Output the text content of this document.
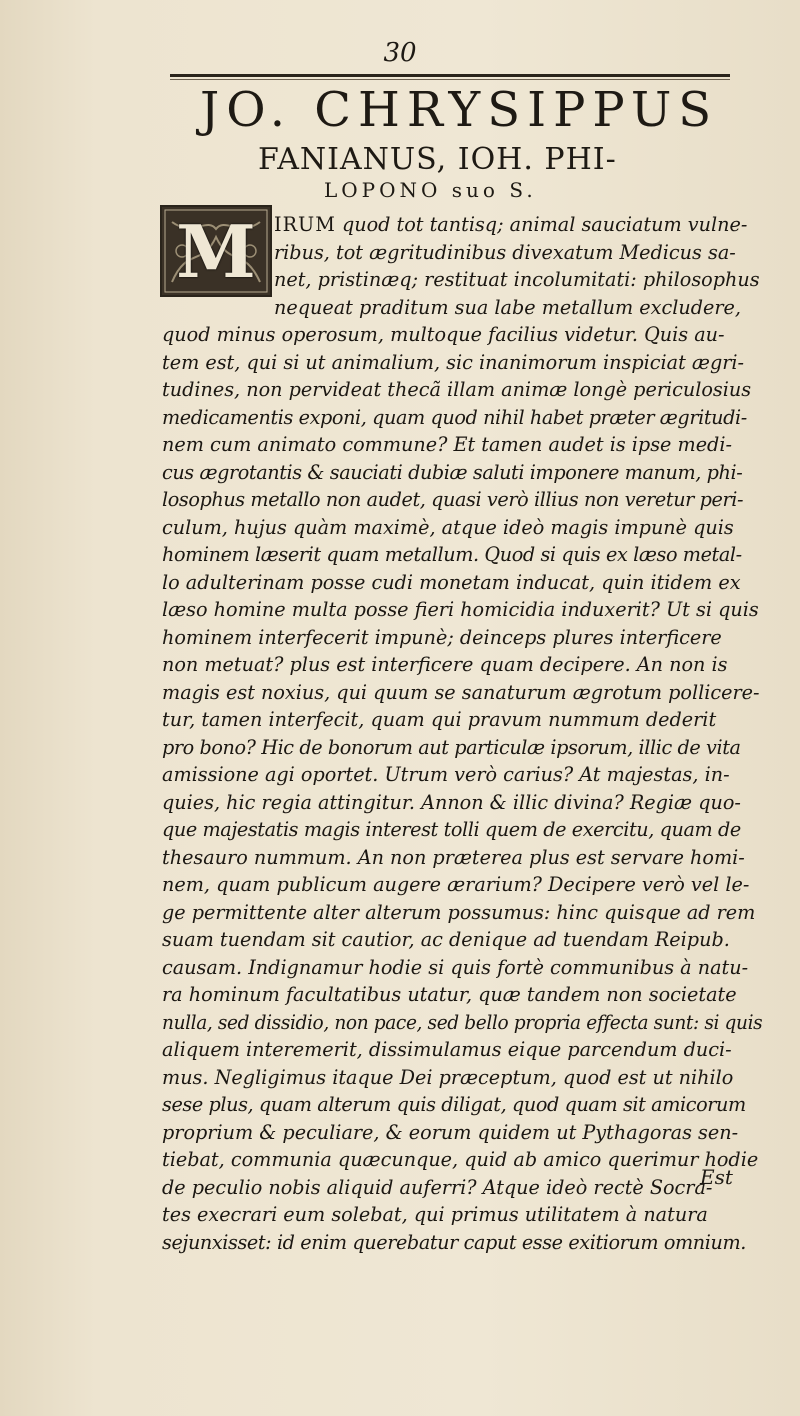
30
JO. CHRYSIPPUS
FANIANUS, IOH. PHI-
LOPONO suo S.
M IRUM quod tot tantisq; animal sauciatum vulne-
ribus, tot ægritudinibus divexatum Medicus sa-
net, pristinæq; restituat incolumitati: philosophus
nequeat praditum sua labe metallum excludere,
quod minus operosum, multoque facilius videtur. Quis au-
tem est, qui si ut animalium, sic inanimorum inspiciat ægri-
tudines, non pervideat thecã illam animæ longè periculosius
medicamentis exponi, quam quod nihil habet præter ægritudi-
nem cum animato commune? Et tamen audet is ipse medi-
cus ægrotantis & sauciati dubiæ saluti imponere manum, phi-
losophus metallo non audet, quasi verò illius non veretur peri-
culum, hujus quàm maximè, atque ideò magis impunè quis
hominem læserit quam metallum. Quod si quis ex læso metal-
lo adulterinam posse cudi monetam inducat, quin itidem ex
læso homine multa posse fieri homicidia induxerit? Ut si quis
hominem interfecerit impunè; deinceps plures interficere
non metuat? plus est interficere quam decipere. An non is
magis est noxius, qui quum se sanaturum ægrotum pollicere-
tur, tamen interfecit, quam qui pravum nummum dederit
pro bono? Hic de bonorum aut particulæ ipsorum, illic de vita
amissione agi oportet. Utrum verò carius? At majestas, in-
quies, hic regia attingitur. Annon & illic divina? Regiæ quo-
que majestatis magis interest tolli quem de exercitu, quam de
thesauro nummum. An non præterea plus est servare homi-
nem, quam publicum augere ærarium? Decipere verò vel le-
ge permittente alter alterum possumus: hinc quisque ad rem
suam tuendam sit cautior, ac denique ad tuendam Reipub.
causam. Indignamur hodie si quis fortè communibus à natu-
ra hominum facultatibus utatur, quæ tandem non societate
nulla, sed dissidio, non pace, sed bello propria effecta sunt: si quis
aliquem interemerit, dissimulamus eique parcendum duci-
mus. Negligimus itaque Dei præceptum, quod est ut nihilo
sese plus, quam alterum quis diligat, quod quam sit amicorum
proprium & peculiare, & eorum quidem ut Pythagoras sen-
tiebat, communia quæcunque, quid ab amico querimur hodie
de peculio nobis aliquid auferri? Atque ideò rectè Socra-
tes execrari eum solebat, qui primus utilitatem à natura
sejunxisset: id enim querebatur caput esse exitiorum omnium.
Est
